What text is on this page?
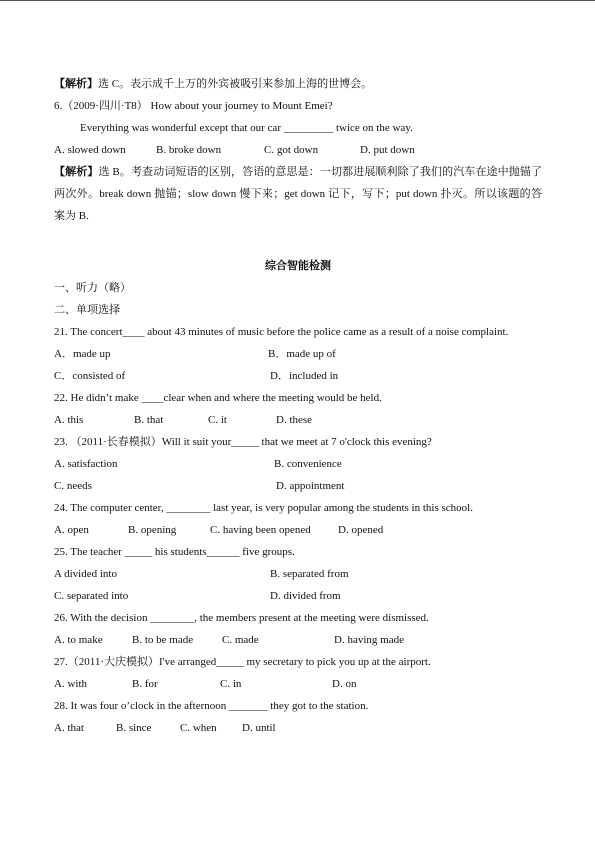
【解析】选 C。表示成千上万的外宾被吸引来参加上海的世博会。
6.（2009·四川·T8） How about your journey to Mount Emei?
Everything was wonderful except that our car _________ twice on the way.
A. slowed down	B. broke down	C. got down	D. put down
【解析】选 B。考查动词短语的区别，答语的意思是：一切都进展顺利除了我们的汽车在途中抛锚了两次外。break down 抛锚；slow down 慢下来；get down 记下，写下；put down 扑灭。所以该题的答案为 B.
综合智能检测
一、听力（略）
二、单项选择
21. The concert____ about 43 minutes of music before the police came as a result of a noise complaint.
A．made up	B．made up of
C．consisted of	D．included in
22. He didn’t make ____clear when and where the meeting would be held.
A. this	B. that	C. it	D. these
23. （2011·长春模拟）Will it suit your_____ that we meet at 7 o'clock this evening?
A. satisfaction	B. convenience
C. needs	D. appointment
24. The computer center, ________ last year, is very popular among the students in this school.
A. open	B. opening	C. having been opened D. opened
25. The teacher _____ his students______ five groups.
A divided into	B. separated from
C. separated into	D. divided from
26. With the decision ________, the members present at the meeting were dismissed.
A. to make	B. to be made	C. made	D. having made
27.（2011·大庆模拟）I've arranged_____ my secretary to pick you up at the airport.
A. with	B. for	C. in	D. on
28. It was four o’clock in the afternoon _______ they got to the station.
A. that	B. since	C. when D. until
